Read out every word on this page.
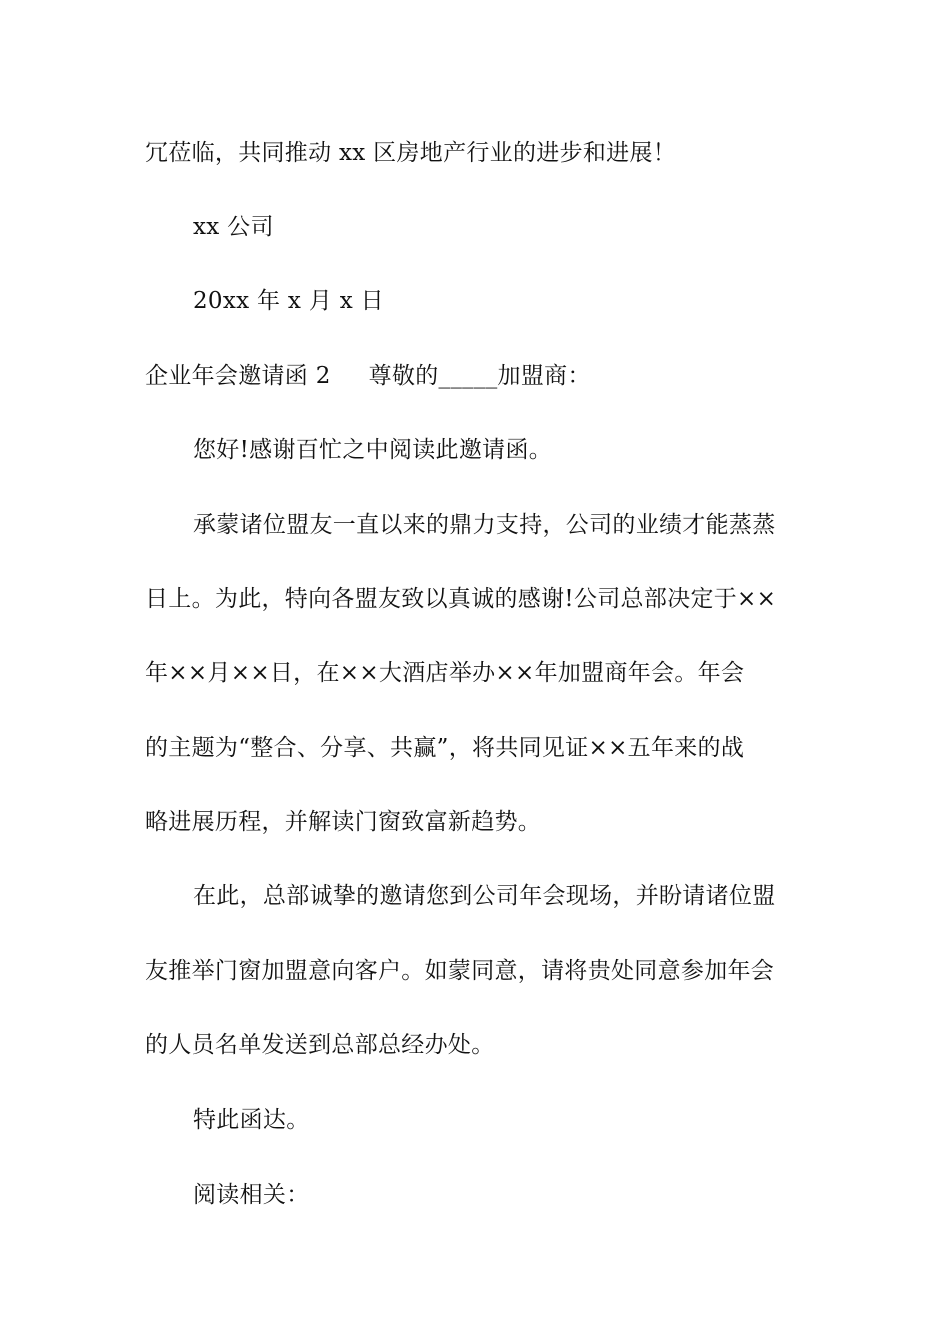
冗莅临，共同推动 xx 区房地产行业的进步和进展！
xx 公司
20xx 年 x 月 x 日
企业年会邀请函 2 尊敬的_____加盟商：
您好!感谢百忙之中阅读此邀请函。
承蒙诸位盟友一直以来的鼎力支持，公司的业绩才能蒸蒸
日上。为此，特向各盟友致以真诚的感谢!公司总部决定于××
年××月××日，在××大酒店举办××年加盟商年会。年会
的主题为“整合、分享、共赢”，将共同见证××五年来的战
略进展历程，并解读门窗致富新趋势。
在此，总部诚挚的邀请您到公司年会现场，并盼请诸位盟
友推举门窗加盟意向客户。如蒙同意，请将贵处同意参加年会
的人员名单发送到总部总经办处。
特此函达。
阅读相关：
